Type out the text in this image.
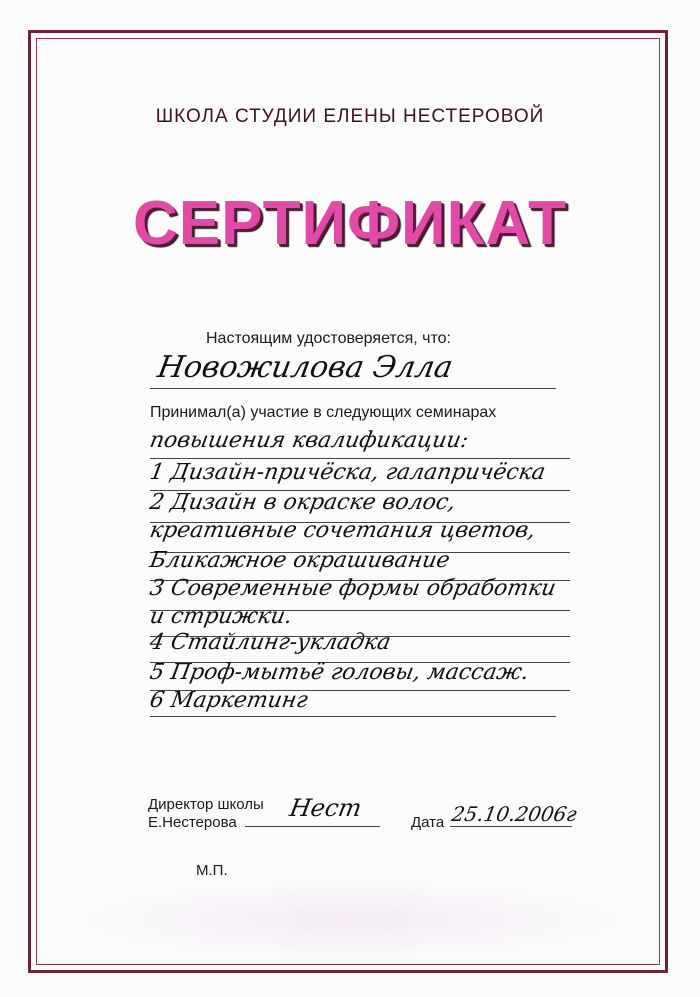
ШКОЛА СТУДИИ ЕЛЕНЫ НЕСТЕРОВОЙ
СЕРТИФИКАТ
Настоящим удостоверяется, что:
Новожилова Элла
Принимал(а) участие в следующих семинарах
повышения квалификации:
1 Дизайн-причёска, галапричёска
2 Дизайн в окраске волос,
креативные сочетания цветов,
Бликажное окрашивание
3 Современные формы обработки
и стрижки.
4 Стайлинг-укладка
5 Проф-мытьё головы, массаж.
6 Маркетинг
Директор школы
Е.Нестерова
Нест
Дата 25.10.2006г
М.П.
